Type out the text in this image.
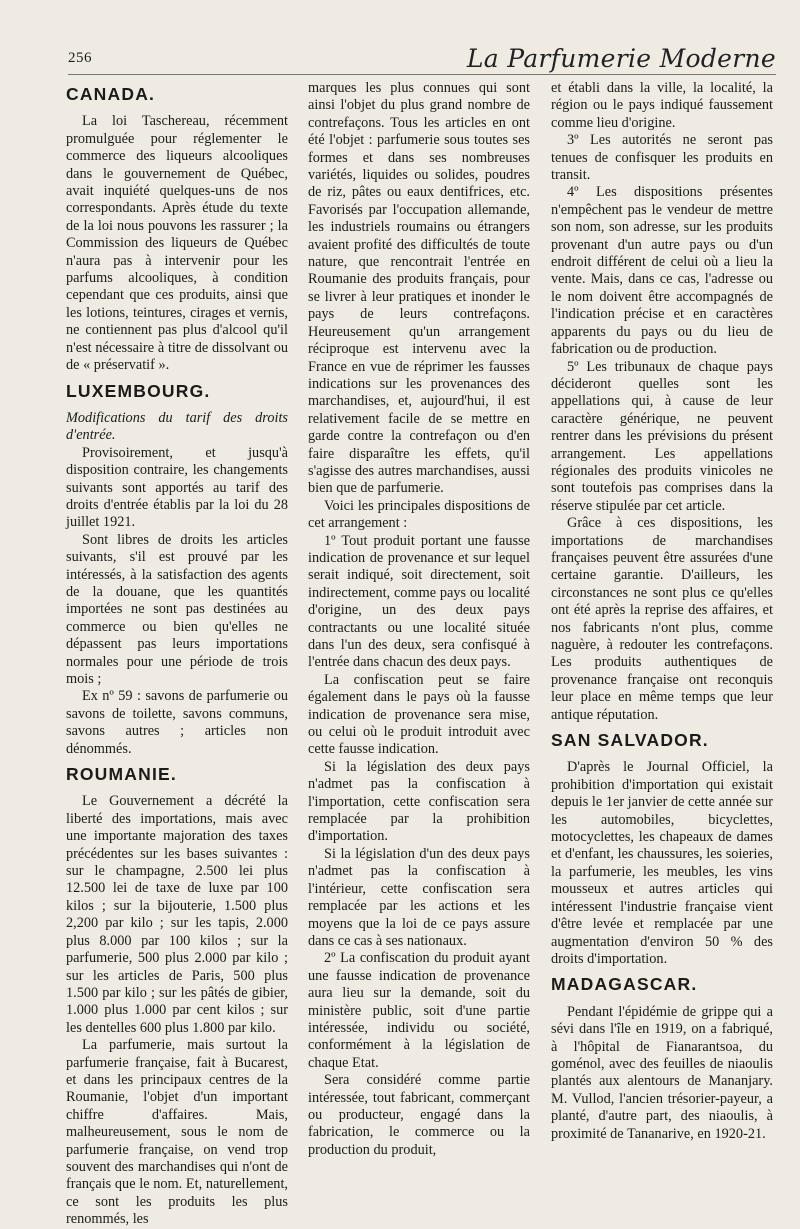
256	La Parfumerie Moderne
CANADA.

La loi Taschereau, récemment promulguée pour réglementer le commerce des liqueurs alcooliques dans le gouvernement de Québec, avait inquiété quelques-uns de nos correspondants. Après étude du texte de la loi nous pouvons les rassurer ; la Commission des liqueurs de Québec n'aura pas à intervenir pour les parfums alcooliques, à condition cependant que ces produits, ainsi que les lotions, teintures, cirages et vernis, ne contiennent pas plus d'alcool qu'il n'est nécessaire à titre de dissolvant ou de « préservatif ».

LUXEMBOURG.

Modifications du tarif des droits d'entrée.

Provisoirement, et jusqu'à disposition contraire, les changements suivants sont apportés au tarif des droits d'entrée établis par la loi du 28 juillet 1921.

Sont libres de droits les articles suivants, s'il est prouvé par les intéressés, à la satisfaction des agents de la douane, que les quantités importées ne sont pas destinées au commerce ou bien qu'elles ne dépassent pas leurs importations normales pour une période de trois mois ;

Ex nº 59 : savons de parfumerie ou savons de toilette, savons communs, savons autres ; articles non dénommés.

ROUMANIE.

Le Gouvernement a décrété la liberté des importations, mais avec une importante majoration des taxes précédentes sur les bases suivantes : sur le champagne, 2.500 lei plus 12.500 lei de taxe de luxe par 100 kilos ; sur la bijouterie, 1.500 plus 2,200 par kilo ; sur les tapis, 2.000 plus 8.000 par 100 kilos ; sur la parfumerie, 500 plus 2.000 par kilo ; sur les articles de Paris, 500 plus 1.500 par kilo ; sur les pâtés de gibier, 1.000 plus 1.000 par cent kilos ; sur les dentelles 600 plus 1.800 par kilo.

La parfumerie, mais surtout la parfumerie française, fait à Bucarest, et dans les principaux centres de la Roumanie, l'objet d'un important chiffre d'affaires. Mais, malheureusement, sous le nom de parfumerie française, on vend trop souvent des marchandises qui n'ont de français que le nom. Et, naturellement, ce sont les produits les plus renommés, les

marques les plus connues qui sont ainsi l'objet du plus grand nombre de contrefaçons. Tous les articles en ont été l'objet : parfumerie sous toutes ses formes et dans ses nombreuses variétés, liquides ou solides, poudres de riz, pâtes ou eaux dentifrices, etc. Favorisés par l'occupation allemande, les industriels roumains ou étrangers avaient profité des difficultés de toute nature, que rencontrait l'entrée en Roumanie des produits français, pour se livrer à leur pratiques et inonder le pays de leurs contrefaçons. Heureusement qu'un arrangement réciproque est intervenu avec la France en vue de réprimer les fausses indications sur les provenances des marchandises, et, aujourd'hui, il est relativement facile de se mettre en garde contre la contrefaçon ou d'en faire disparaître les effets, qu'il s'agisse des autres marchandises, aussi bien que de parfumerie.

Voici les principales dispositions de cet arrangement :

1º Tout produit portant une fausse indication de provenance et sur lequel serait indiqué, soit directement, soit indirectement, comme pays ou localité d'origine, un des deux pays contractants ou une localité située dans l'un des deux, sera confisqué à l'entrée dans chacun des deux pays.

La confiscation peut se faire également dans le pays où la fausse indication de provenance sera mise, ou celui où le produit introduit avec cette fausse indication.

Si la législation des deux pays n'admet pas la confiscation à l'importation, cette confiscation sera remplacée par la prohibition d'importation.

Si la législation d'un des deux pays n'admet pas la confiscation à l'intérieur, cette confiscation sera remplacée par les actions et les moyens que la loi de ce pays assure dans ce cas à ses nationaux.

2º La confiscation du produit ayant une fausse indication de provenance aura lieu sur la demande, soit du ministère public, soit d'une partie intéressée, individu ou société, conformément à la législation de chaque Etat.

Sera considéré comme partie intéressée, tout fabricant, commerçant ou producteur, engagé dans la fabrication, le commerce ou la production du produit,

et établi dans la ville, la localité, la région ou le pays indiqué faussement comme lieu d'origine.

3º Les autorités ne seront pas tenues de confisquer les produits en transit.

4º Les dispositions présentes n'empêchent pas le vendeur de mettre son nom, son adresse, sur les produits provenant d'un autre pays ou d'un endroit différent de celui où a lieu la vente. Mais, dans ce cas, l'adresse ou le nom doivent être accompagnés de l'indication précise et en caractères apparents du pays ou du lieu de fabrication ou de production.

5º Les tribunaux de chaque pays décideront quelles sont les appellations qui, à cause de leur caractère générique, ne peuvent rentrer dans les prévisions du présent arrangement. Les appellations régionales des produits vinicoles ne sont toutefois pas comprises dans la réserve stipulée par cet article.

Grâce à ces dispositions, les importations de marchandises françaises peuvent être assurées d'une certaine garantie. D'ailleurs, les circonstances ne sont plus ce qu'elles ont été après la reprise des affaires, et nos fabricants n'ont plus, comme naguère, à redouter les contrefaçons. Les produits authentiques de provenance française ont reconquis leur place en même temps que leur antique réputation.

SAN SALVADOR.

D'après le Journal Officiel, la prohibition d'importation qui existait depuis le 1er janvier de cette année sur les automobiles, bicyclettes, motocyclettes, les chapeaux de dames et d'enfant, les chaussures, les soieries, la parfumerie, les meubles, les vins mousseux et autres articles qui intéressent l'industrie française vient d'être levée et remplacée par une augmentation d'environ 50 % des droits d'importation.

MADAGASCAR.

Pendant l'épidémie de grippe qui a sévi dans l'île en 1919, on a fabriqué, à l'hôpital de Fianarantsoa, du goménol, avec des feuilles de niaoulis plantés aux alentours de Mananjary. M. Vullod, l'ancien trésorier-payeur, a planté, d'autre part, des niaoulis, à proximité de Tananarive, en 1920-21.
